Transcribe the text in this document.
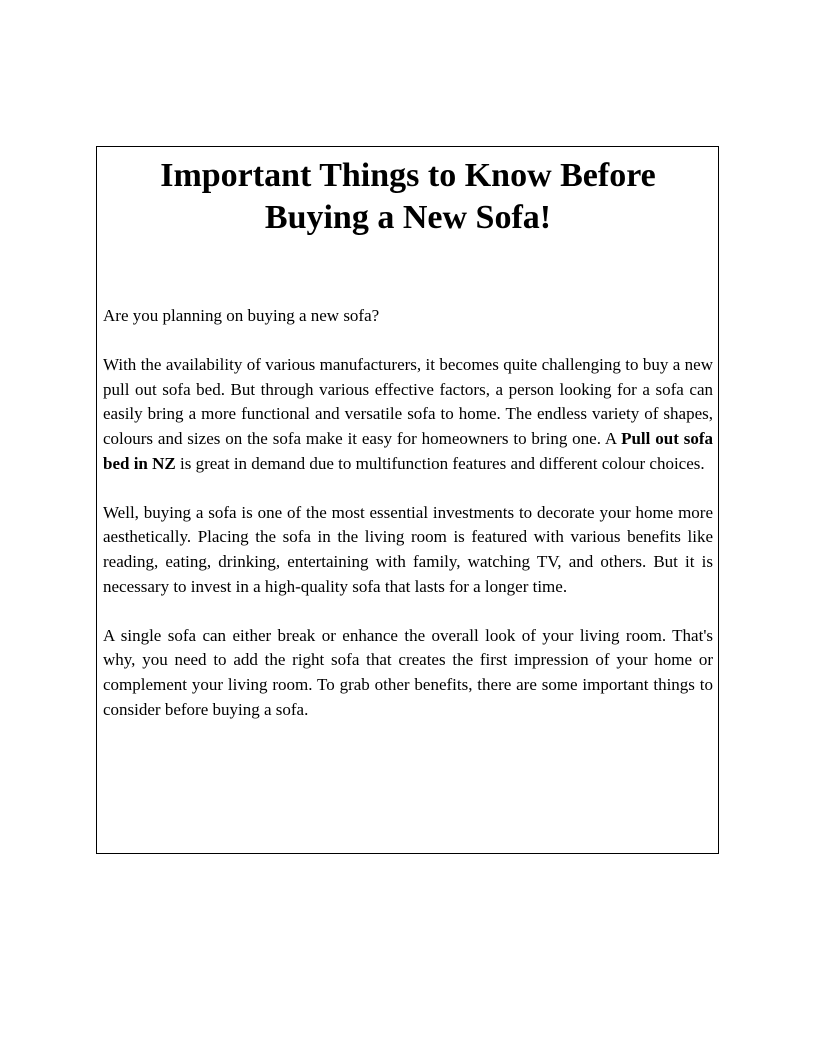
Important Things to Know Before
Buying a New Sofa!

Are you planning on buying a new sofa?

With the availability of various manufacturers, it becomes quite challenging to buy a new pull out sofa bed. But through various effective factors, a person looking for a sofa can easily bring a more functional and versatile sofa to home. The endless variety of shapes, colours and sizes on the sofa make it easy for homeowners to bring one. A Pull out sofa bed in NZ is great in demand due to multifunction features and different colour choices.

Well, buying a sofa is one of the most essential investments to decorate your home more aesthetically. Placing the sofa in the living room is featured with various benefits like reading, eating, drinking, entertaining with family, watching TV, and others. But it is necessary to invest in a high-quality sofa that lasts for a longer time.

A single sofa can either break or enhance the overall look of your living room. That's why, you need to add the right sofa that creates the first impression of your home or complement your living room. To grab other benefits, there are some important things to consider before buying a sofa.
